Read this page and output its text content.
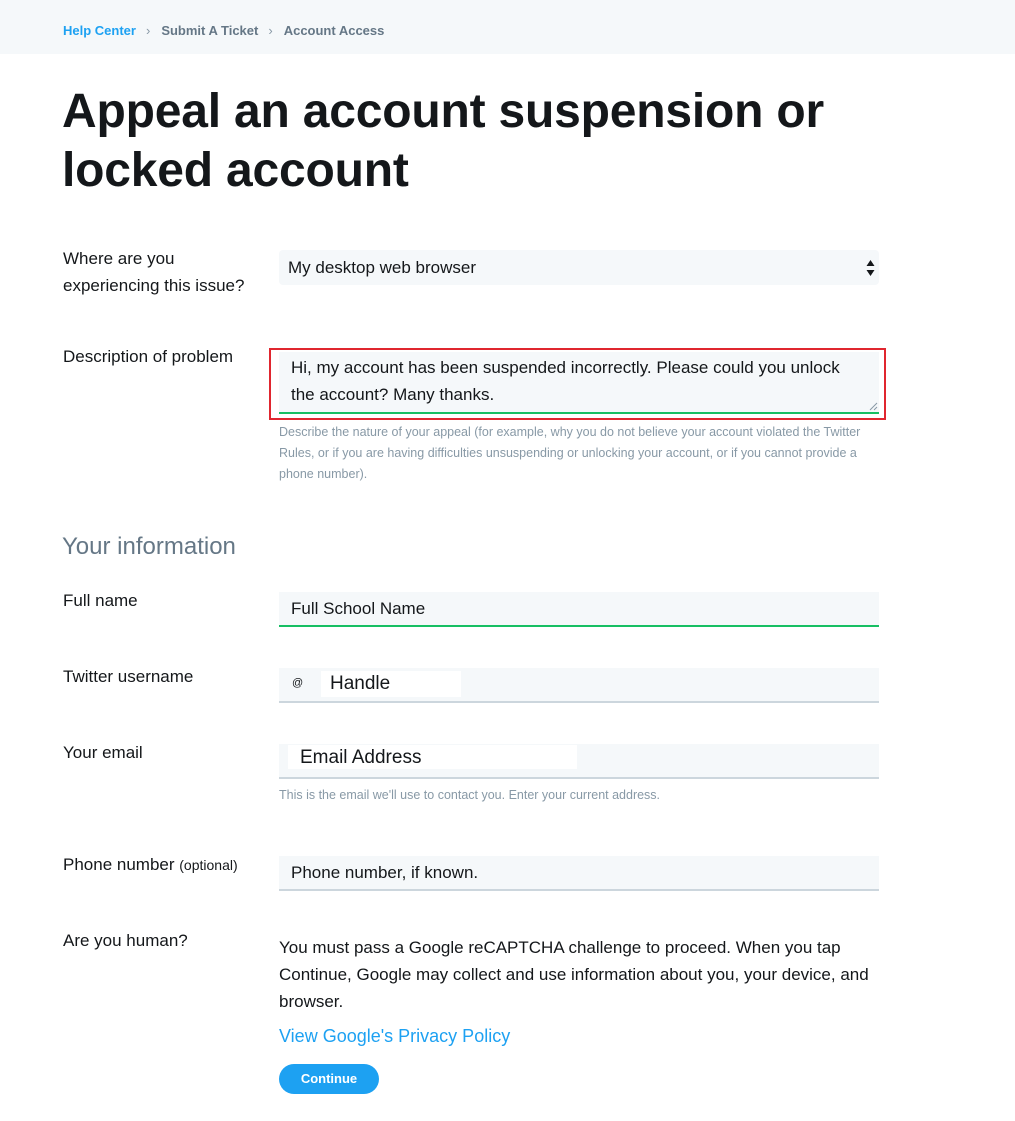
Help Center › Submit A Ticket › Account Access
Appeal an account suspension or locked account
Where are you experiencing this issue?
My desktop web browser
Description of problem
Hi, my account has been suspended incorrectly. Please could you unlock the account? Many thanks.
Describe the nature of your appeal (for example, why you do not believe your account violated the Twitter Rules, or if you are having difficulties unsuspending or unlocking your account, or if you cannot provide a phone number).
Your information
Full name	Full School Name
Twitter username	@	Handle
Your email	Email Address
This is the email we'll use to contact you. Enter your current address.
Phone number (optional)	Phone number, if known.
Are you human?	You must pass a Google reCAPTCHA challenge to proceed. When you tap Continue, Google may collect and use information about you, your device, and browser.
View Google's Privacy Policy
Continue
